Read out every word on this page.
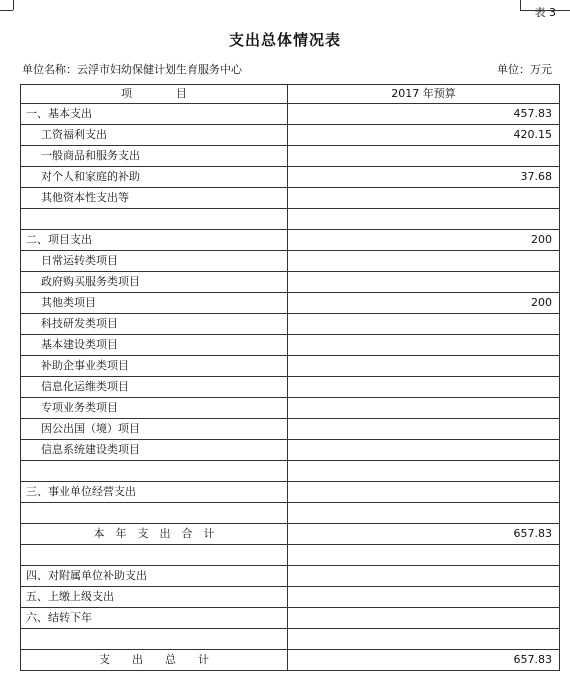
表 3
支出总体情况表
单位名称：云浮市妇幼保健计划生育服务中心	单位：万元
项　　　　目	2017 年预算
一、基本支出	457.83
工资福利支出	420.15
一般商品和服务支出	
对个人和家庭的补助	37.68
其他资本性支出等	

二、项目支出	200
日常运转类项目	
政府购买服务类项目	
其他类项目	200
科技研发类项目	
基本建设类项目	
补助企事业类项目	
信息化运维类项目	
专项业务类项目	
因公出国（境）项目	
信息系统建设类项目	

三、事业单位经营支出	

本　年　支　出　合　计	657.83

四、对附属单位补助支出	
五、上缴上级支出	
六、结转下年	

支　　出　　总　　计	657.83
